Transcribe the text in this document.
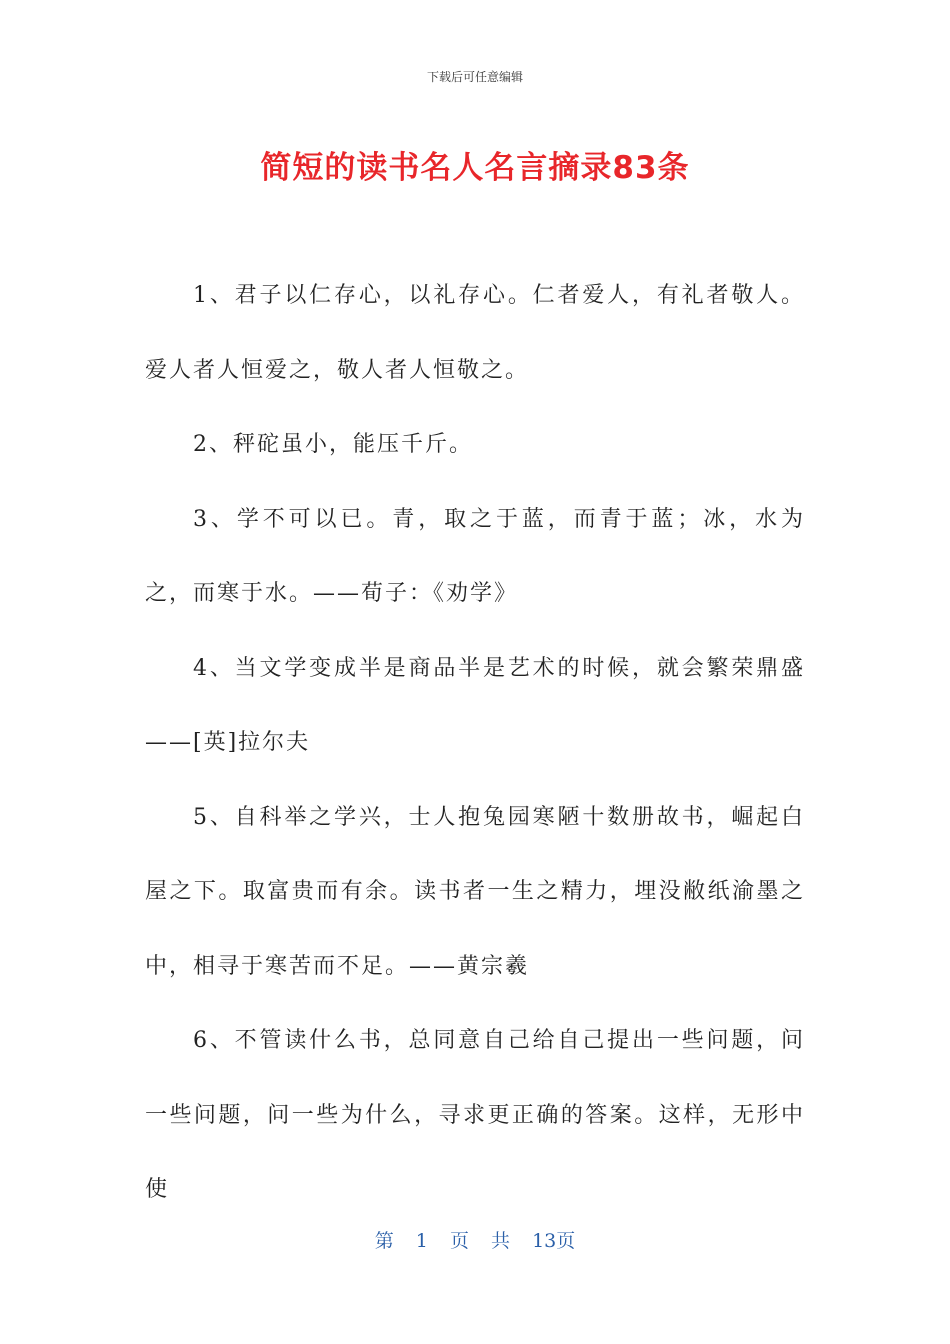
下载后可任意编辑
简短的读书名人名言摘录83条

1、君子以仁存心，以礼存心。仁者爱人，有礼者敬人。爱人者人恒爱之，敬人者人恒敬之。

2、秤砣虽小，能压千斤。

3、学不可以已。青，取之于蓝，而青于蓝；冰，水为之，而寒于水。——荀子：《劝学》

4、当文学变成半是商品半是艺术的时候，就会繁荣鼎盛——[英]拉尔夫

5、自科举之学兴，士人抱兔园寒陋十数册故书，崛起白屋之下。取富贵而有余。读书者一生之精力，埋没敝纸渝墨之中，相寻于寒苦而不足。——黄宗羲

6、不管读什么书，总同意自己给自己提出一些问题，问一些问题，问一些为什么，寻求更正确的答案。这样，无形中使

第 1 页 共 13页
